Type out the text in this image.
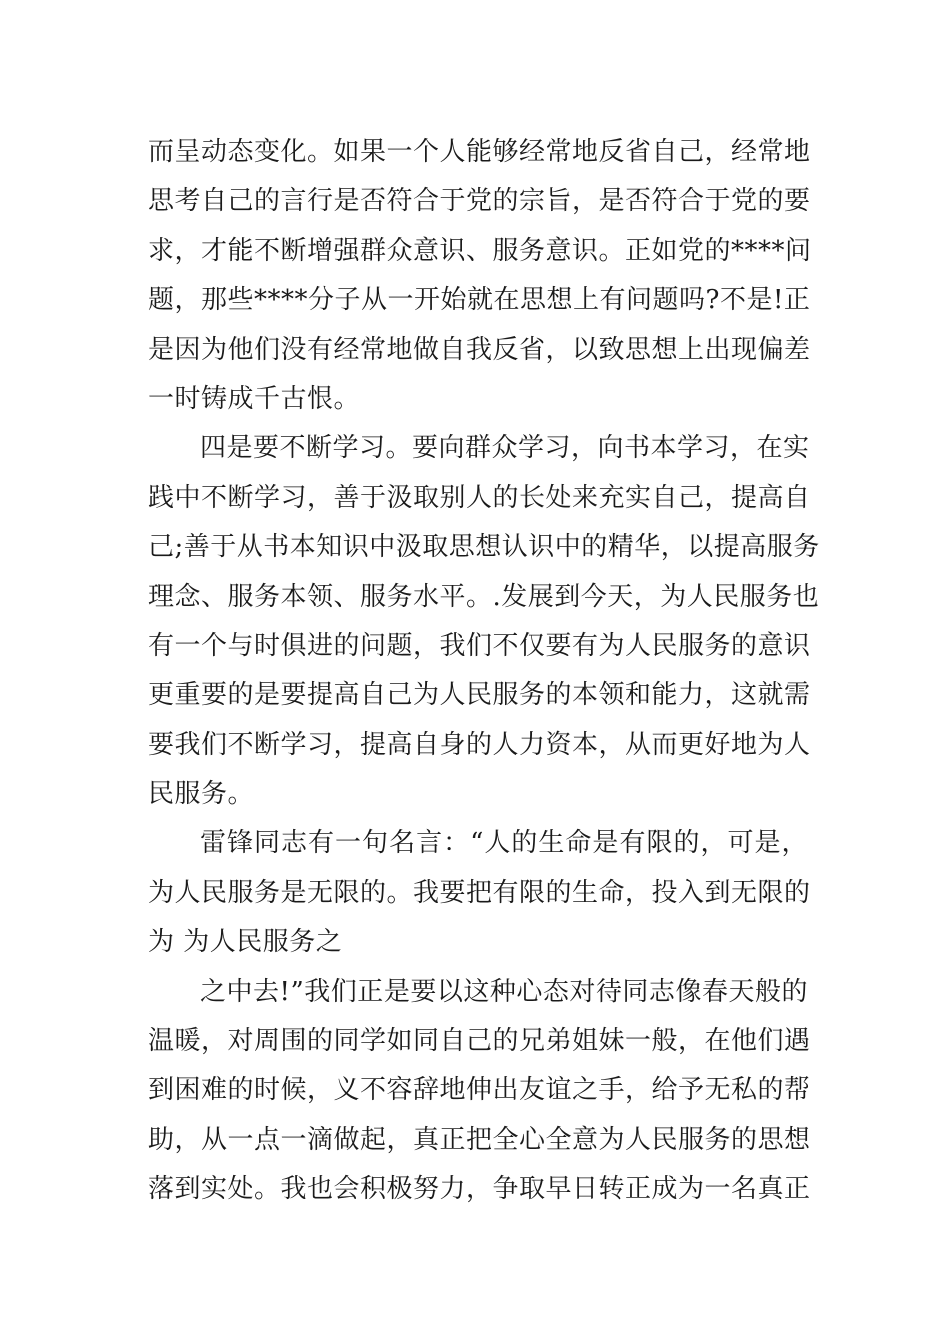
而呈动态变化。如果一个人能够经常地反省自己，经常地
思考自己的言行是否符合于党的宗旨，是否符合于党的要
求，才能不断增强群众意识、服务意识。正如党的****问
题，那些****分子从一开始就在思想上有问题吗?不是!正
是因为他们没有经常地做自我反省，以致思想上出现偏差
一时铸成千古恨。
四是要不断学习。要向群众学习，向书本学习，在实
践中不断学习，善于汲取别人的长处来充实自己，提高自
己;善于从书本知识中汲取思想认识中的精华，以提高服务
理念、服务本领、服务水平。.发展到今天，为人民服务也
有一个与时俱进的问题，我们不仅要有为人民服务的意识
更重要的是要提高自己为人民服务的本领和能力，这就需
要我们不断学习，提高自身的人力资本，从而更好地为人
民服务。
雷锋同志有一句名言：“人的生命是有限的，可是，
为人民服务是无限的。我要把有限的生命，投入到无限的
为 为人民服务之
之中去!”我们正是要以这种心态对待同志像春天般的
温暖，对周围的同学如同自己的兄弟姐妹一般，在他们遇
到困难的时候，义不容辞地伸出友谊之手，给予无私的帮
助，从一点一滴做起，真正把全心全意为人民服务的思想
落到实处。我也会积极努力，争取早日转正成为一名真正
